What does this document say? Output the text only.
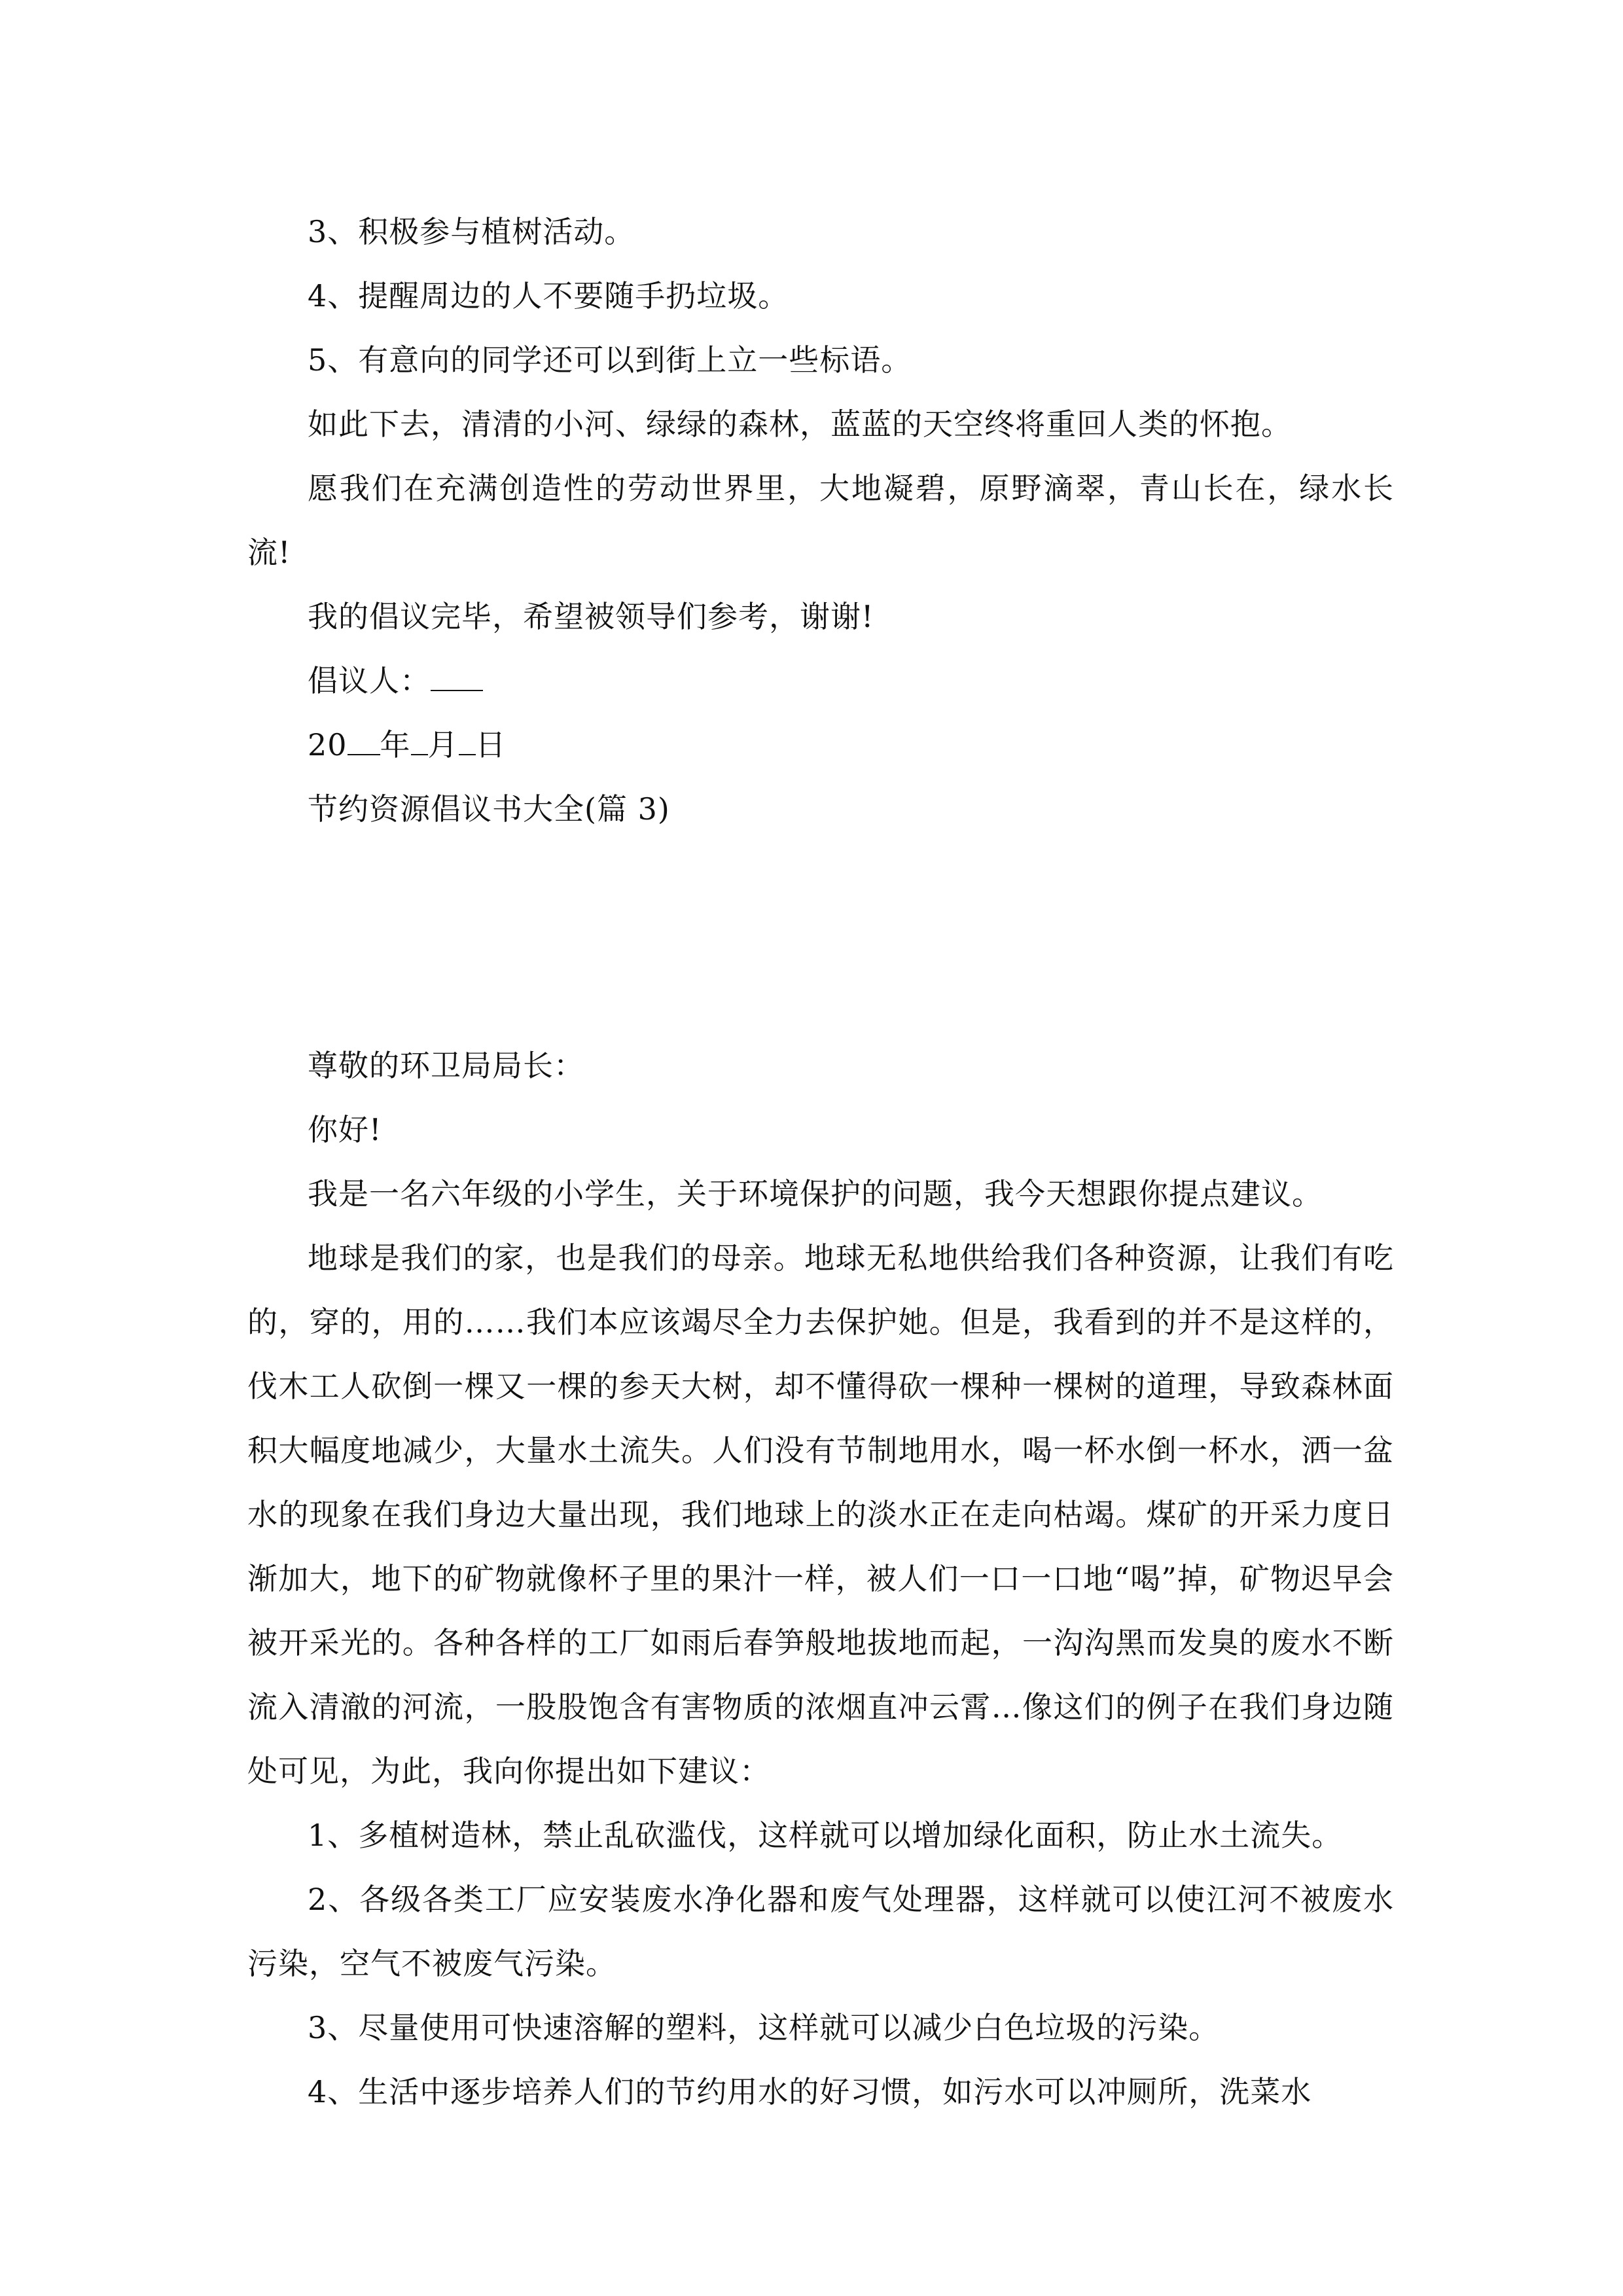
3、积极参与植树活动。

4、提醒周边的人不要随手扔垃圾。

5、有意向的同学还可以到街上立一些标语。

如此下去，清清的小河、绿绿的森林，蓝蓝的天空终将重回人类的怀抱。

愿我们在充满创造性的劳动世界里，大地凝碧，原野滴翠，青山长在，绿水长流!

我的倡议完毕，希望被领导们参考，谢谢!

倡议人：

20 年 月 日

节约资源倡议书大全(篇 3)

尊敬的环卫局局长：

你好!

我是一名六年级的小学生，关于环境保护的问题，我今天想跟你提点建议。

地球是我们的家，也是我们的母亲。地球无私地供给我们各种资源，让我们有吃的，穿的，用的……我们本应该竭尽全力去保护她。但是，我看到的并不是这样的，伐木工人砍倒一棵又一棵的参天大树，却不懂得砍一棵种一棵树的道理，导致森林面积大幅度地减少，大量水土流失。人们没有节制地用水，喝一杯水倒一杯水，洒一盆水的现象在我们身边大量出现，我们地球上的淡水正在走向枯竭。煤矿的开采力度日渐加大，地下的矿物就像杯子里的果汁一样，被人们一口一口地“喝”掉，矿物迟早会被开采光的。各种各样的工厂如雨后春笋般地拔地而起，一沟沟黑而发臭的废水不断流入清澈的河流，一股股饱含有害物质的浓烟直冲云霄…像这们的例子在我们身边随处可见，为此，我向你提出如下建议：

1、多植树造林，禁止乱砍滥伐，这样就可以增加绿化面积，防止水土流失。

2、各级各类工厂应安装废水净化器和废气处理器，这样就可以使江河不被废水污染，空气不被废气污染。

3、尽量使用可快速溶解的塑料，这样就可以减少白色垃圾的污染。

4、生活中逐步培养人们的节约用水的好习惯，如污水可以冲厕所，洗菜水
